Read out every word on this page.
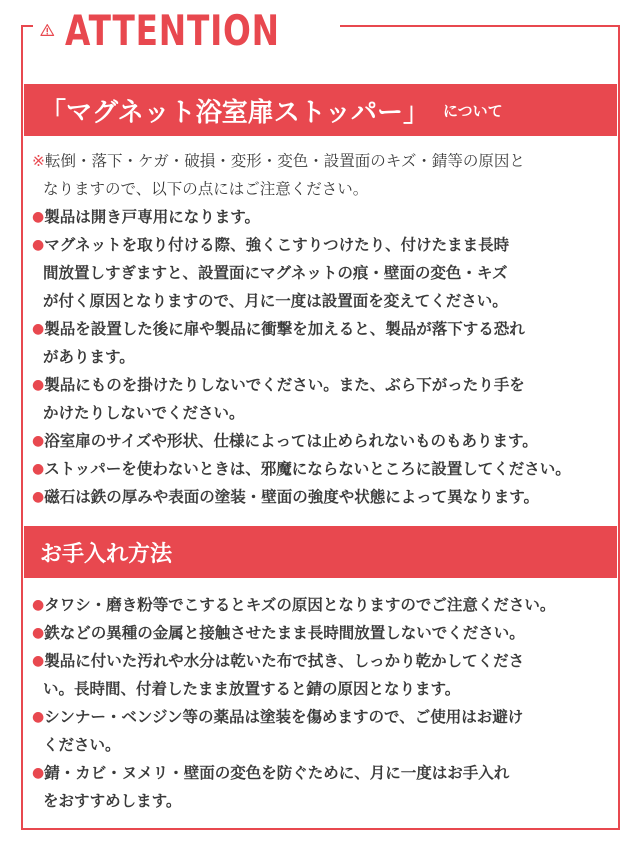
ATTENTION
「マグネット浴室扉ストッパー」 について
※ 転倒・落下・ケガ・破損・変形・変色・設置面のキズ・錆等の原因と
なりますので、以下の点にはご注意ください。
● 製品は開き戸専用になります。
● マグネットを取り付ける際、強くこすりつけたり、付けたまま長時
間放置しすぎますと、設置面にマグネットの痕・壁面の変色・キズ
が付く原因となりますので、月に一度は設置面を変えてください。
● 製品を設置した後に扉や製品に衝撃を加えると、製品が落下する恐れ
があります。
● 製品にものを掛けたりしないでください。また、ぶら下がったり手を
かけたりしないでください。
● 浴室扉のサイズや形状、仕様によっては止められないものもあります。
● ストッパーを使わないときは、邪魔にならないところに設置してください。
● 磁石は鉄の厚みや表面の塗装・壁面の強度や状態によって異なります。
お手入れ方法
● タワシ・磨き粉等でこするとキズの原因となりますのでご注意ください。
● 鉄などの異種の金属と接触させたまま長時間放置しないでください。
● 製品に付いた汚れや水分は乾いた布で拭き、しっかり乾かしてくださ
い。長時間、付着したまま放置すると錆の原因となります。
● シンナー・ベンジン等の薬品は塗装を傷めますので、ご使用はお避け
ください。
● 錆・カビ・ヌメリ・壁面の変色を防ぐために、月に一度はお手入れ
をおすすめします。
